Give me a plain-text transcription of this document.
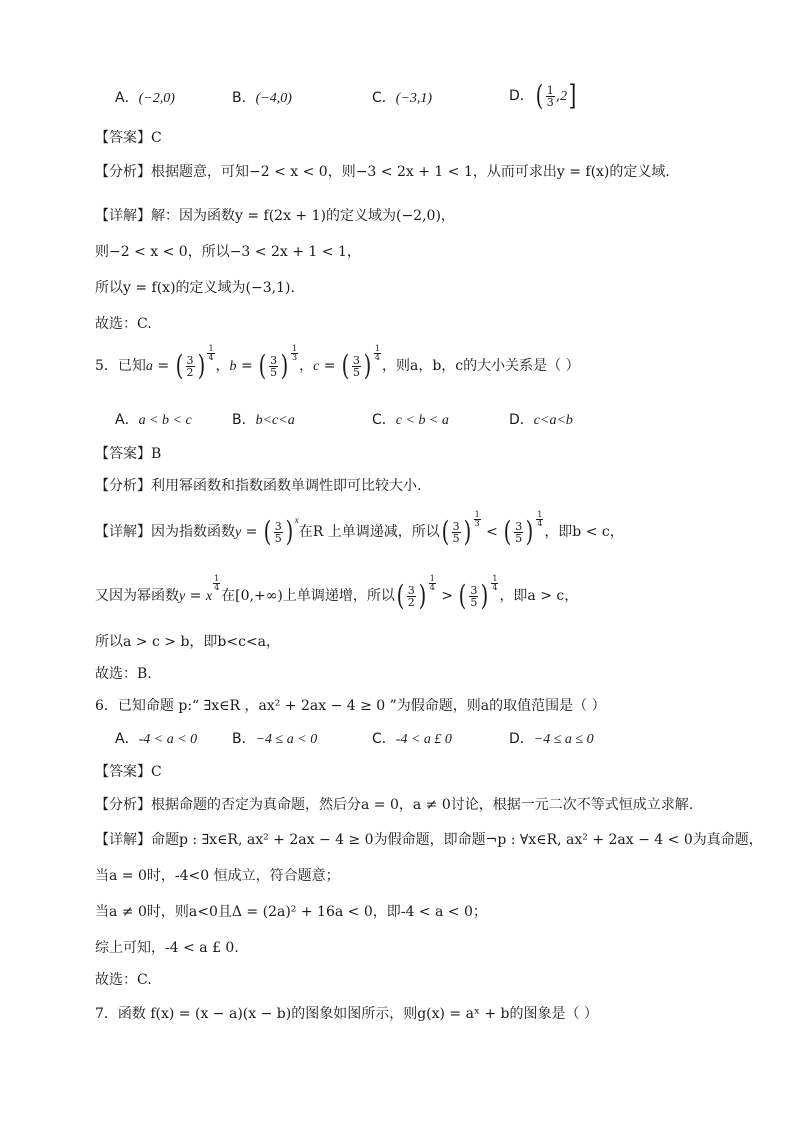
A．(−2,0)	B．(−4,0)	C．(−3,1)	D．( $\frac{1}{3} ,2$]
【答案】C
【分析】根据题意，可知−2 < x < 0，则−3 < 2x + 1 < 1，从而可求出y = f(x)的定义域.
【详解】解：因为函数y = f(2x + 1)的定义域为(−2,0)，
则−2 < x < 0，所以−3 < 2x + 1 < 1，
所以y = f(x)的定义域为(−3,1).
故选：C.
5．已知a = ( $\frac{3}{2}$ ) $\frac{1}{4}$
，b = ( $\frac{3}{5}$ ) $\frac{1}{3}$
，c = ( $\frac{3}{5}$ ) $\frac{1}{4}$
，则a，b，c的大小关系是（ ）
A．a < b < c	B．b<c<a	C．c < b < a	D．c<a<b
【答案】B
【分析】利用幂函数和指数函数单调性即可比较大小.
【详解】因为指数函数y = ( $\frac{3}{5}$ ) x在R 上单调递减，所以( $\frac{3}{5}$ ) $\frac{1}{3}$
< ( $\frac{3}{5}$ ) $\frac{1}{4}$
，即b < c，
又因为幂函数y = x
$\frac{1}{4}$
在[0,+∞)上单调递增，所以( $\frac{3}{2}$ ) $\frac{1}{4}$
> ( $\frac{3}{5}$ ) $\frac{1}{4}$
，即a > c，
所以a > c > b，即b<c<a，
故选：B.
6．已知命题 p:“ ∃x∈R ，ax² + 2ax − 4 ≥ 0 ”为假命题，则a的取值范围是（ ）
A．-4 < a < 0 B．−4 ≤ a < 0	C．-4 < a £ 0	D．−4 ≤ a ≤ 0
【答案】C
【分析】根据命题的否定为真命题，然后分a = 0，a ≠ 0讨论，根据一元二次不等式恒成立求解.
【详解】命题p : ∃x∈R, ax² + 2ax − 4 ≥ 0为假命题，即命题¬p : ∀x∈R, ax² + 2ax − 4 < 0为真命题，
当a = 0时，-4<0 恒成立，符合题意；
当a ≠ 0时，则a<0且Δ = (2a)² + 16a < 0，即-4 < a < 0；
综上可知，-4 < a £ 0.
故选：C.
7．函数 f(x) = (x − a)(x − b)的图象如图所示，则g(x) = aˣ + b的图象是（ ）
